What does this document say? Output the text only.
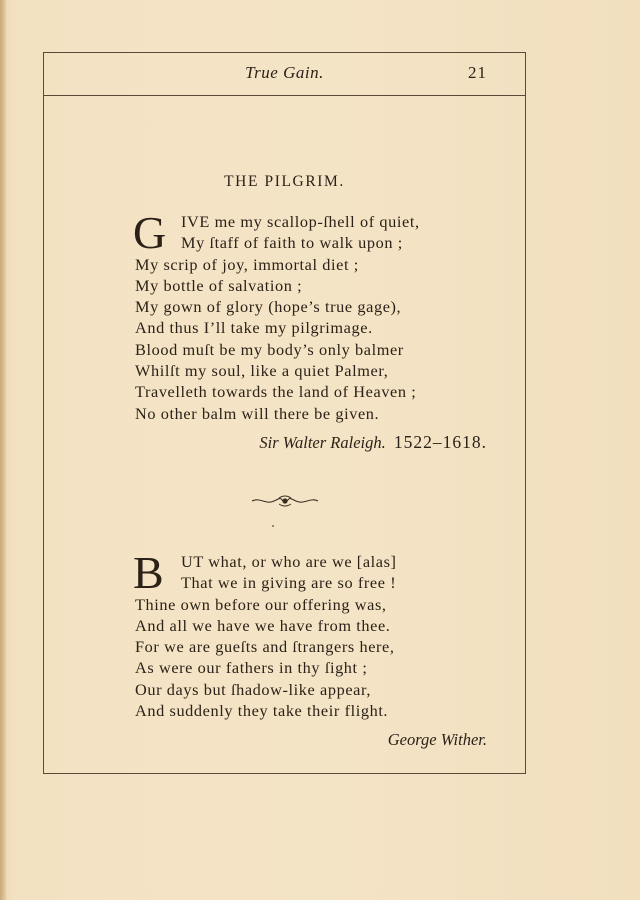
True Gain.	21
THE PILGRIM.
G IVE me my scallop-ſhell of quiet,
My ſtaff of faith to walk upon ;
My scrip of joy, immortal diet ;
My bottle of salvation ;
My gown of glory (hope’s true gage),
And thus I’ll take my pilgrimage.
Blood muſt be my body’s only balmer
Whilſt my soul, like a quiet Palmer,
Travelleth towards the land of Heaven ;
No other balm will there be given.
Sir Walter Raleigh. 1522–1618.
B	UT what, or who are we [alas]
That we in giving are so free !
Thine own before our offering was,
And all we have we have from thee.
For we are gueſts and ſtrangers here,
As were our fathers in thy ſight ;
Our days but ſhadow-like appear,
And suddenly they take their flight.
George Wither.
